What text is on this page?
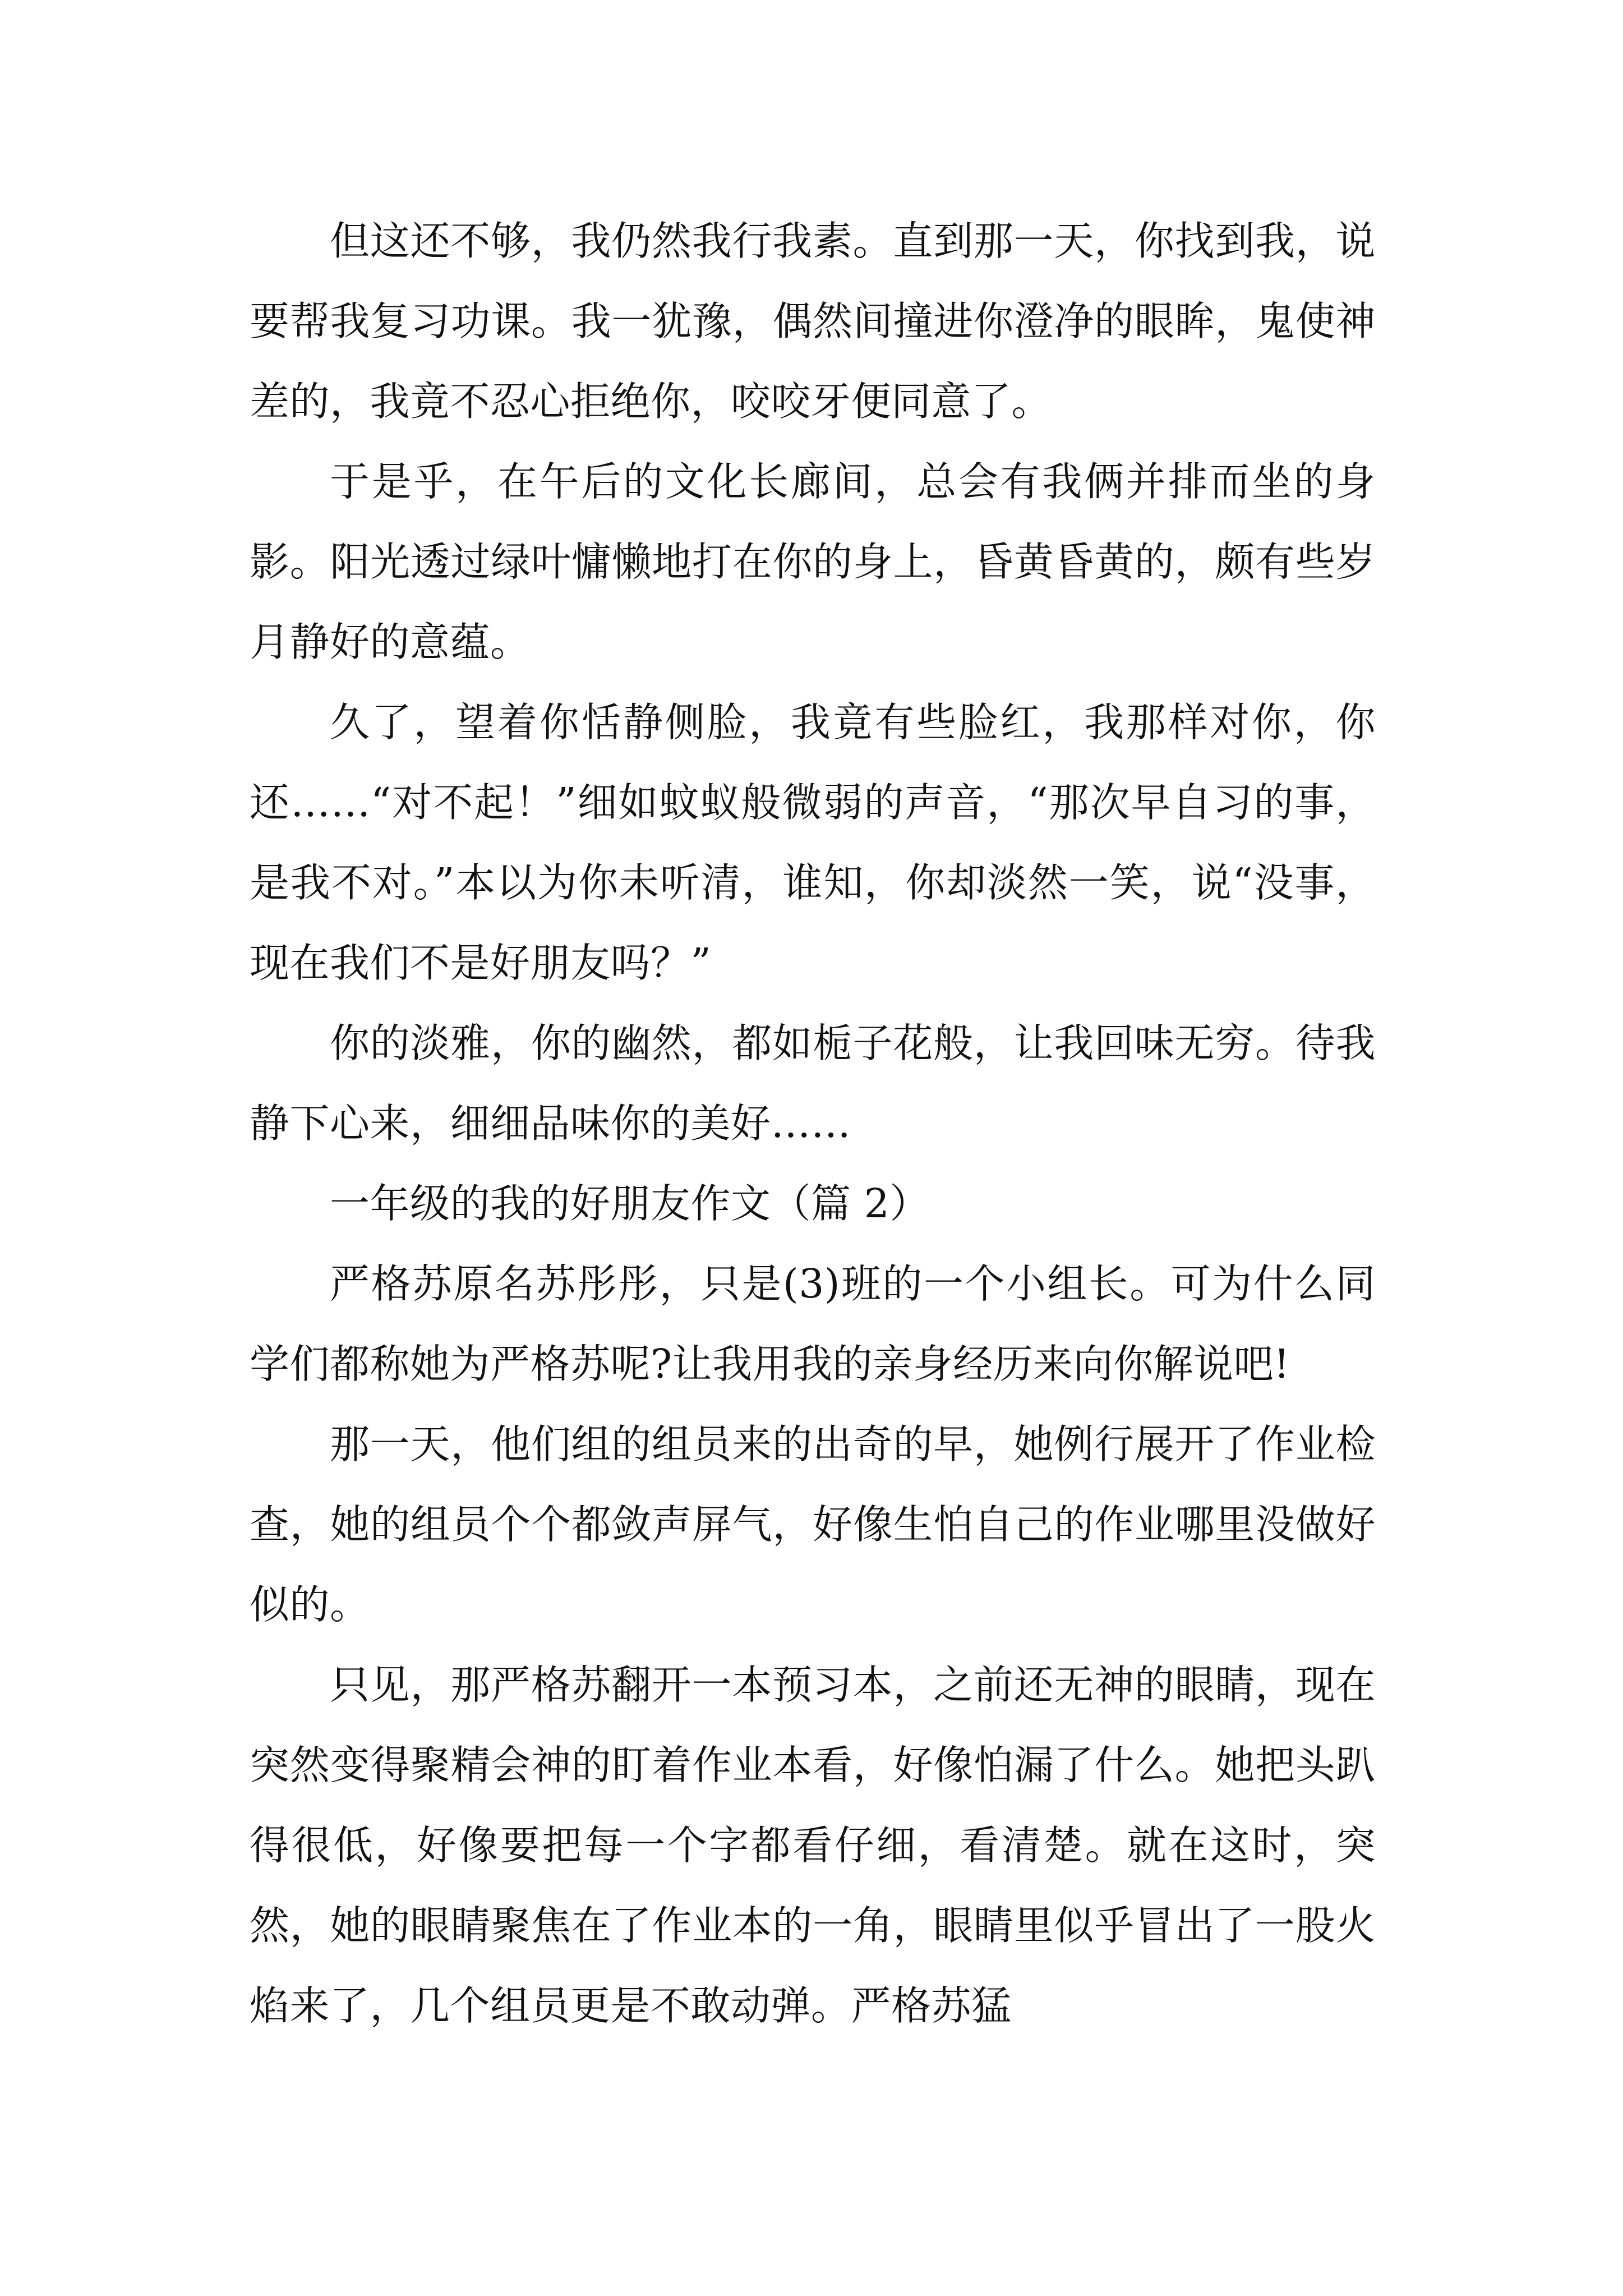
但这还不够，我仍然我行我素。直到那一天，你找到我，说要帮我复习功课。我一犹豫，偶然间撞进你澄净的眼眸，鬼使神差的，我竟不忍心拒绝你，咬咬牙便同意了。

于是乎，在午后的文化长廊间，总会有我俩并排而坐的身影。阳光透过绿叶慵懒地打在你的身上，昏黄昏黄的，颇有些岁月静好的意蕴。

久了，望着你恬静侧脸，我竟有些脸红，我那样对你，你还……“对不起！”细如蚊蚁般微弱的声音，“那次早自习的事，是我不对。”本以为你未听清，谁知，你却淡然一笑，说“没事，现在我们不是好朋友吗？”

你的淡雅，你的幽然，都如栀子花般，让我回味无穷。待我静下心来，细细品味你的美好……

一年级的我的好朋友作文（篇 2）

严格苏原名苏彤彤，只是(3)班的一个小组长。可为什么同学们都称她为严格苏呢?让我用我的亲身经历来向你解说吧!

那一天，他们组的组员来的出奇的早，她例行展开了作业检查，她的组员个个都敛声屏气，好像生怕自己的作业哪里没做好似的。

只见，那严格苏翻开一本预习本，之前还无神的眼睛，现在突然变得聚精会神的盯着作业本看，好像怕漏了什么。她把头趴得很低，好像要把每一个字都看仔细，看清楚。就在这时，突然，她的眼睛聚焦在了作业本的一角，眼睛里似乎冒出了一股火焰来了，几个组员更是不敢动弹。严格苏猛
